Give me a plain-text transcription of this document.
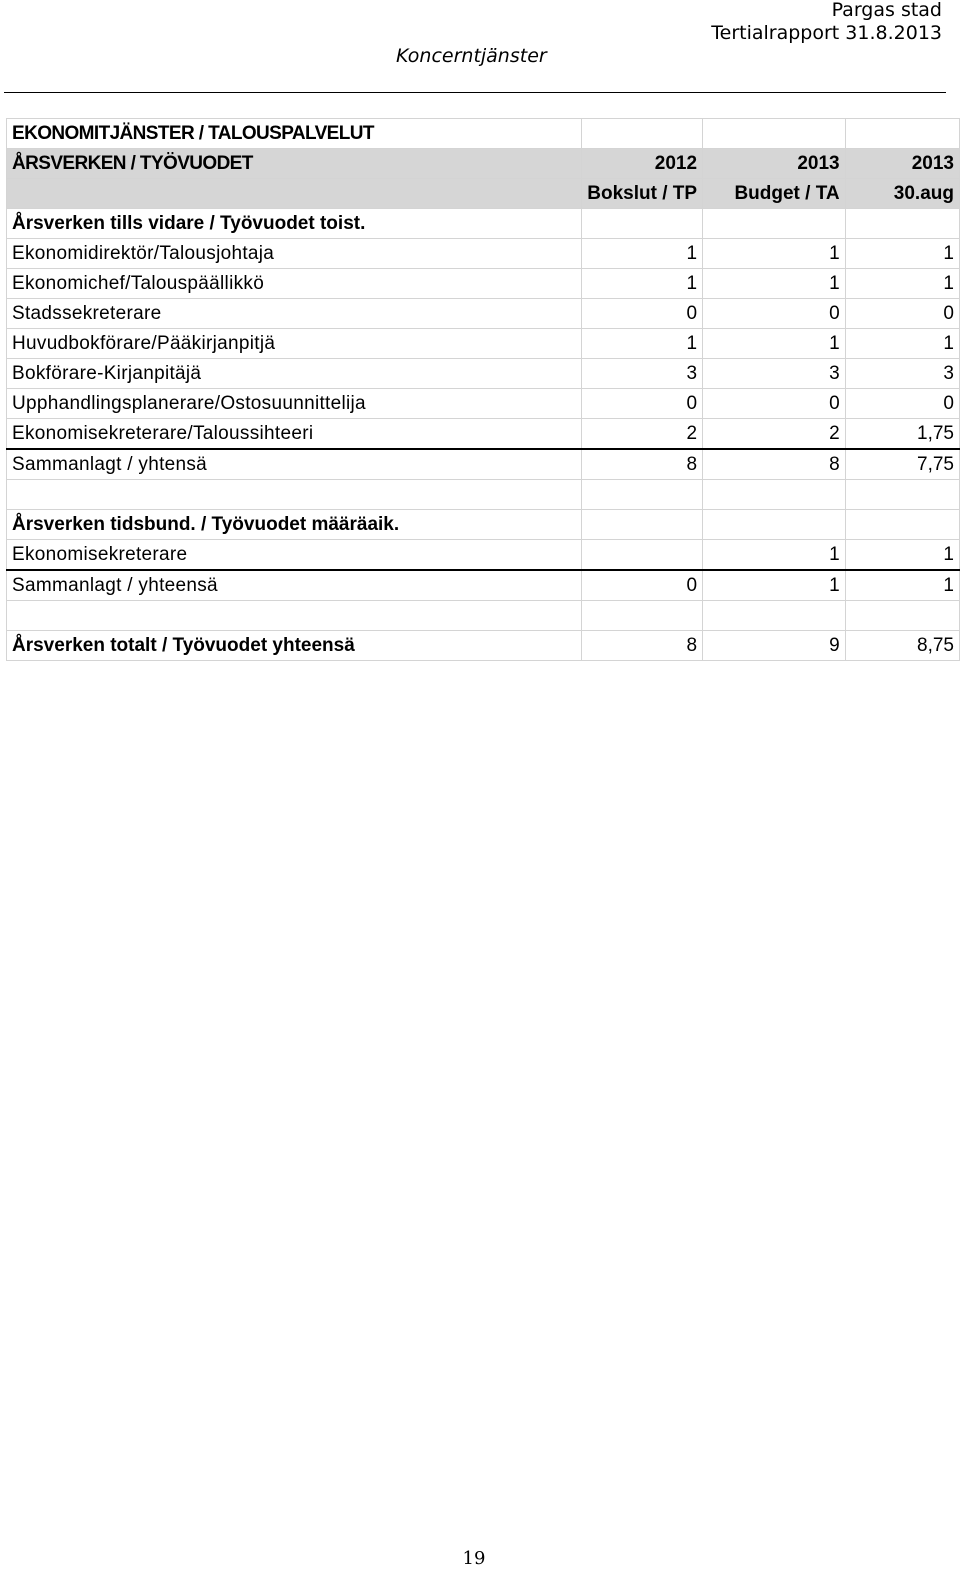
Pargas stad
Tertialrapport 31.8.2013
Koncerntjänster
EKONOMITJÄNSTER / TALOUSPALVELUT			
ÅRSVERKEN / TYÖVUODET	2012	2013	2013
	Bokslut / TP	Budget / TA	30.aug
Årsverken tills vidare / Työvuodet toist.			
Ekonomidirektör/Talousjohtaja	1	1	1
Ekonomichef/Talouspäällikkö	1	1	1
Stadssekreterare	0	0	0
Huvudbokförare/Pääkirjanpitjä	1	1	1
Bokförare-Kirjanpitäjä	3	3	3
Upphandlingsplanerare/Ostosuunnittelija	0	0	0
Ekonomisekreterare/Taloussihteeri	2	2	1,75
Sammanlagt / yhtensä	8	8	7,75

Årsverken tidsbund. / Työvuodet määräaik.			
Ekonomisekreterare		1	1
Sammanlagt / yhteensä	0	1	1

Årsverken totalt / Työvuodet yhteensä	8	9	8,75
19
